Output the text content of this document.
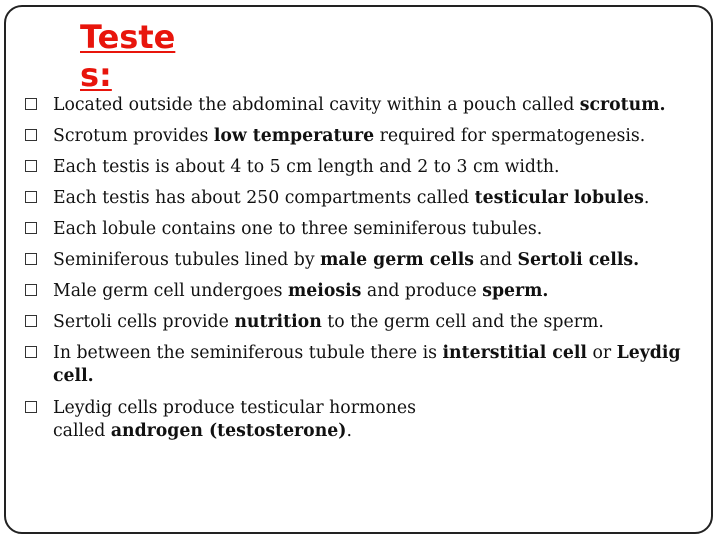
Testes:
Located outside the abdominal cavity within a pouch called scrotum.
Scrotum provides low temperature required for spermatogenesis.
Each testis is about 4 to 5 cm length and 2 to 3 cm width.
Each testis has about 250 compartments called testicular lobules.
Each lobule contains one to three seminiferous tubules.
Seminiferous tubules lined by male germ cells and Sertoli cells.
Male germ cell undergoes meiosis and produce sperm.
Sertoli cells provide nutrition to the germ cell and the sperm.
In between the seminiferous tubule there is interstitial cell or Leydig cell.
Leydig cells produce testicular hormones called androgen (testosterone).
